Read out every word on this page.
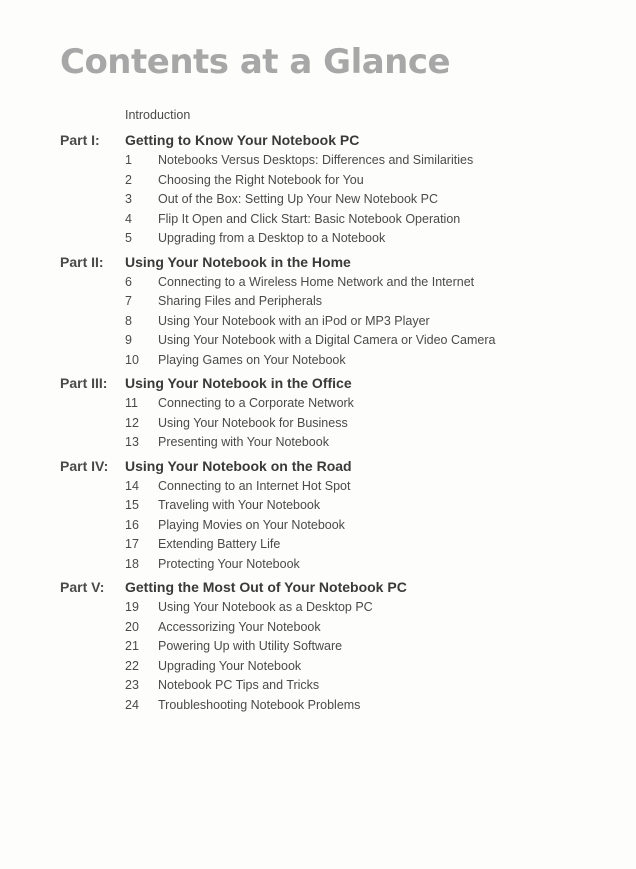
Contents at a Glance
Introduction
Part I: Getting to Know Your Notebook PC
1 Notebooks Versus Desktops: Differences and Similarities
2 Choosing the Right Notebook for You
3 Out of the Box: Setting Up Your New Notebook PC
4 Flip It Open and Click Start: Basic Notebook Operation
5 Upgrading from a Desktop to a Notebook
Part II: Using Your Notebook in the Home
6 Connecting to a Wireless Home Network and the Internet
7 Sharing Files and Peripherals
8 Using Your Notebook with an iPod or MP3 Player
9 Using Your Notebook with a Digital Camera or Video Camera
10 Playing Games on Your Notebook
Part III: Using Your Notebook in the Office
11 Connecting to a Corporate Network
12 Using Your Notebook for Business
13 Presenting with Your Notebook
Part IV: Using Your Notebook on the Road
14 Connecting to an Internet Hot Spot
15 Traveling with Your Notebook
16 Playing Movies on Your Notebook
17 Extending Battery Life
18 Protecting Your Notebook
Part V: Getting the Most Out of Your Notebook PC
19 Using Your Notebook as a Desktop PC
20 Accessorizing Your Notebook
21 Powering Up with Utility Software
22 Upgrading Your Notebook
23 Notebook PC Tips and Tricks
24 Troubleshooting Notebook Problems
